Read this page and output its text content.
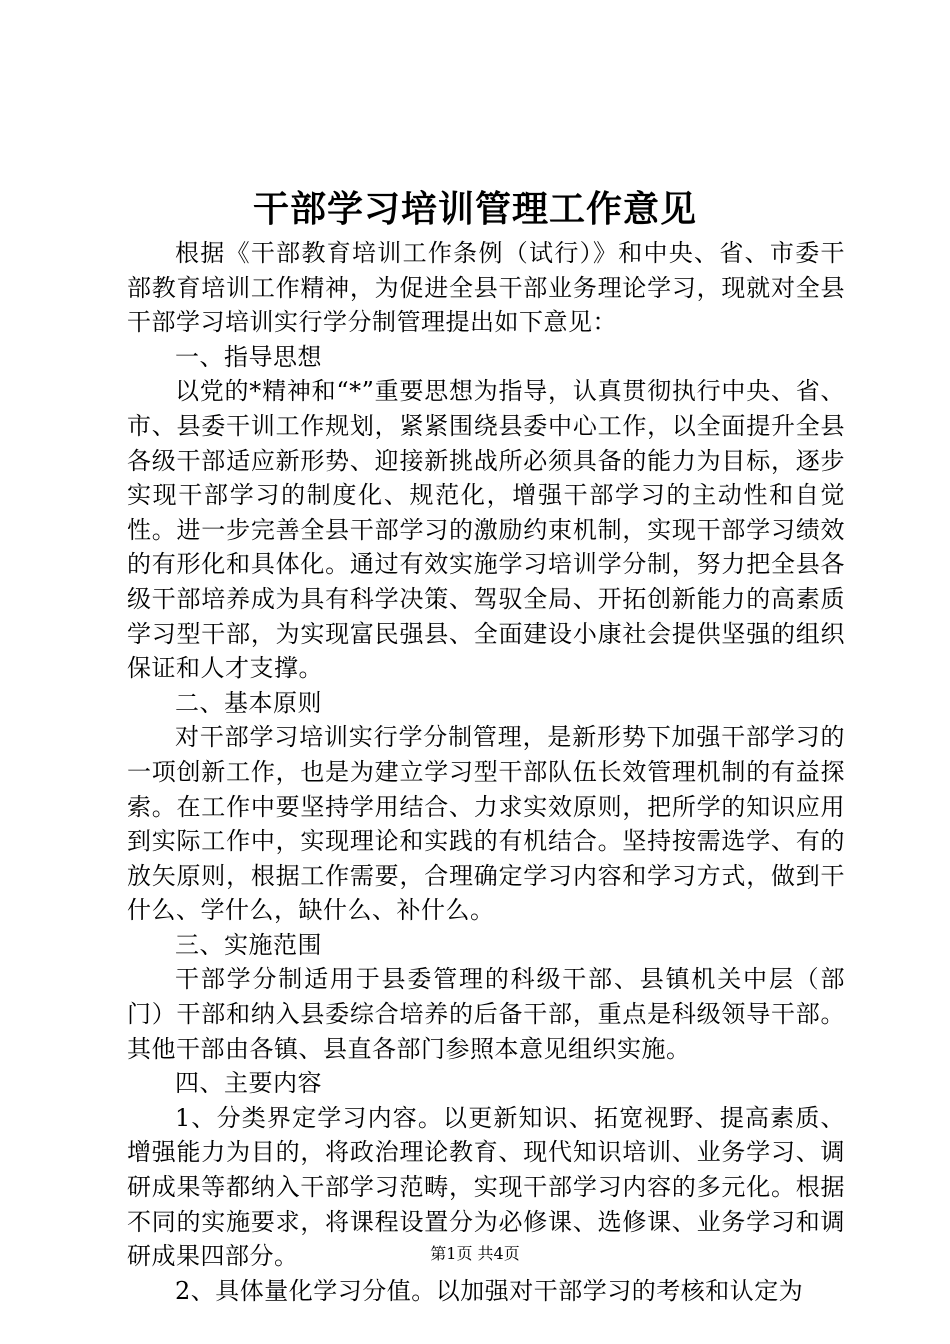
干部学习培训管理工作意见

根据《干部教育培训工作条例（试行）》和中央、省、市委干部教育培训工作精神，为促进全县干部业务理论学习，现就对全县干部学习培训实行学分制管理提出如下意见：

一、指导思想

以党的*精神和“*”重要思想为指导，认真贯彻执行中央、省、市、县委干训工作规划，紧紧围绕县委中心工作，以全面提升全县各级干部适应新形势、迎接新挑战所必须具备的能力为目标，逐步实现干部学习的制度化、规范化，增强干部学习的主动性和自觉性。进一步完善全县干部学习的激励约束机制，实现干部学习绩效的有形化和具体化。通过有效实施学习培训学分制，努力把全县各级干部培养成为具有科学决策、驾驭全局、开拓创新能力的高素质学习型干部，为实现富民强县、全面建设小康社会提供坚强的组织保证和人才支撑。

二、基本原则

对干部学习培训实行学分制管理，是新形势下加强干部学习的一项创新工作，也是为建立学习型干部队伍长效管理机制的有益探索。在工作中要坚持学用结合、力求实效原则，把所学的知识应用到实际工作中，实现理论和实践的有机结合。坚持按需选学、有的放矢原则，根据工作需要，合理确定学习内容和学习方式，做到干什么、学什么，缺什么、补什么。

三、实施范围

干部学分制适用于县委管理的科级干部、县镇机关中层（部门）干部和纳入县委综合培养的后备干部，重点是科级领导干部。其他干部由各镇、县直各部门参照本意见组织实施。

四、主要内容

1、分类界定学习内容。以更新知识、拓宽视野、提高素质、增强能力为目的，将政治理论教育、现代知识培训、业务学习、调研成果等都纳入干部学习范畴，实现干部学习内容的多元化。根据不同的实施要求，将课程设置分为必修课、选修课、业务学习和调研成果四部分。

2、具体量化学习分值。以加强对干部学习的考核和认定为

第1页 共4页
